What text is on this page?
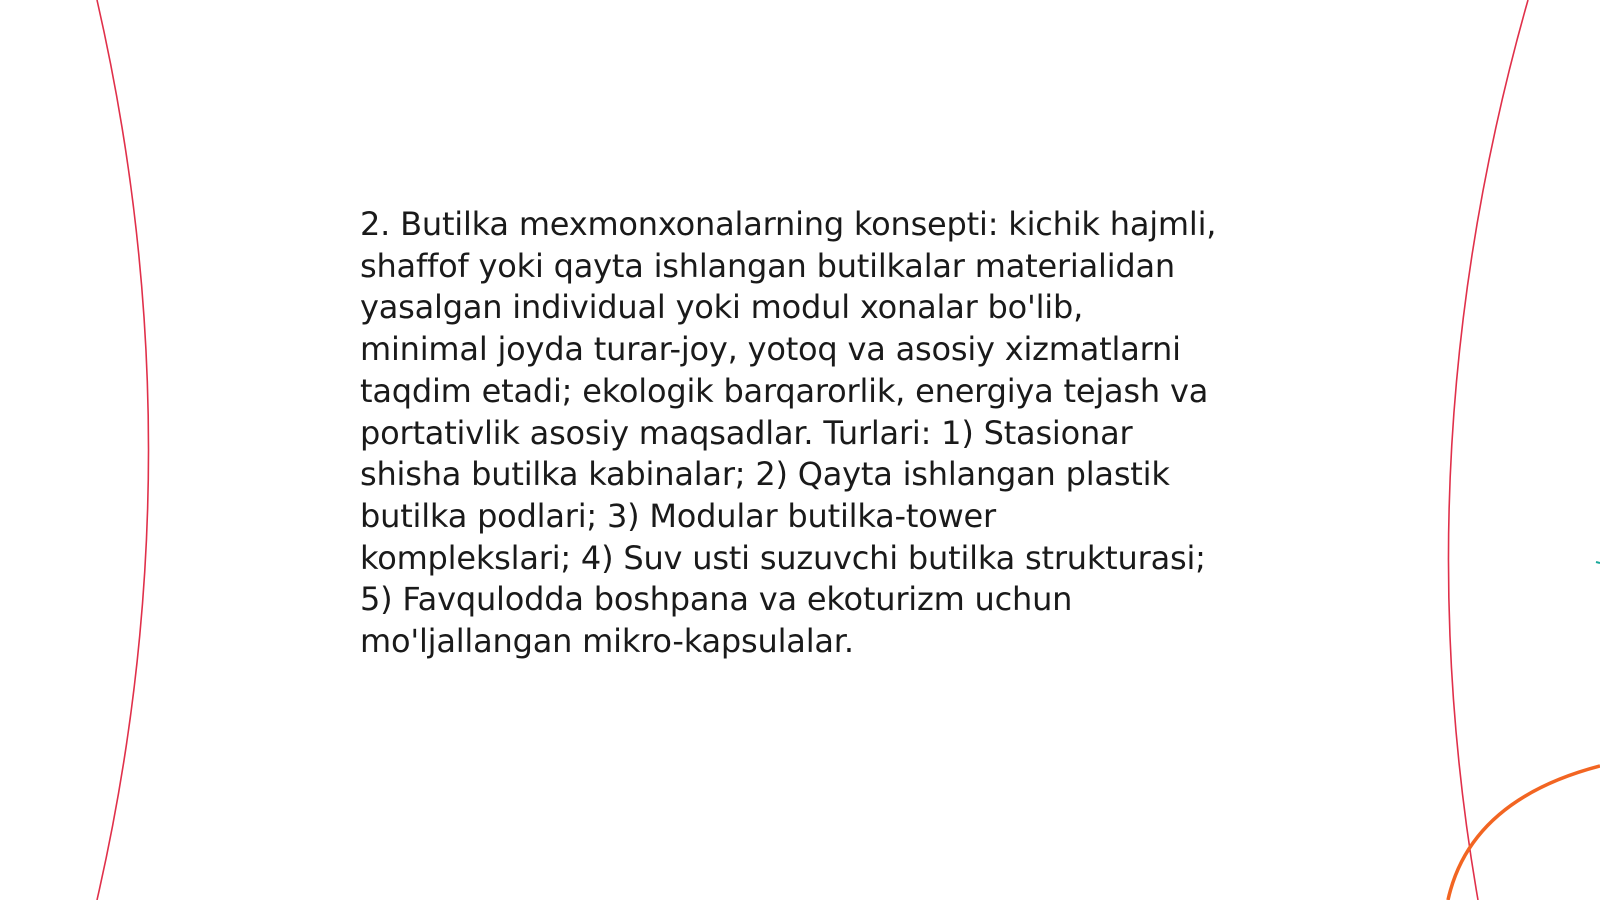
2. Butilka mexmonxonalarning konsepti: kichik hajmli,
shaffof yoki qayta ishlangan butilkalar materialidan
yasalgan individual yoki modul xonalar bo'lib,
minimal joyda turar-joy, yotoq va asosiy xizmatlarni
taqdim etadi; ekologik barqarorlik, energiya tejash va
portativlik asosiy maqsadlar. Turlari: 1) Stasionar
shisha butilka kabinalar; 2) Qayta ishlangan plastik
butilka podlari; 3) Modular butilka-tower
komplekslari; 4) Suv usti suzuvchi butilka strukturasi;
5) Favqulodda boshpana va ekoturizm uchun
mo'ljallangan mikro-kapsulalar.
